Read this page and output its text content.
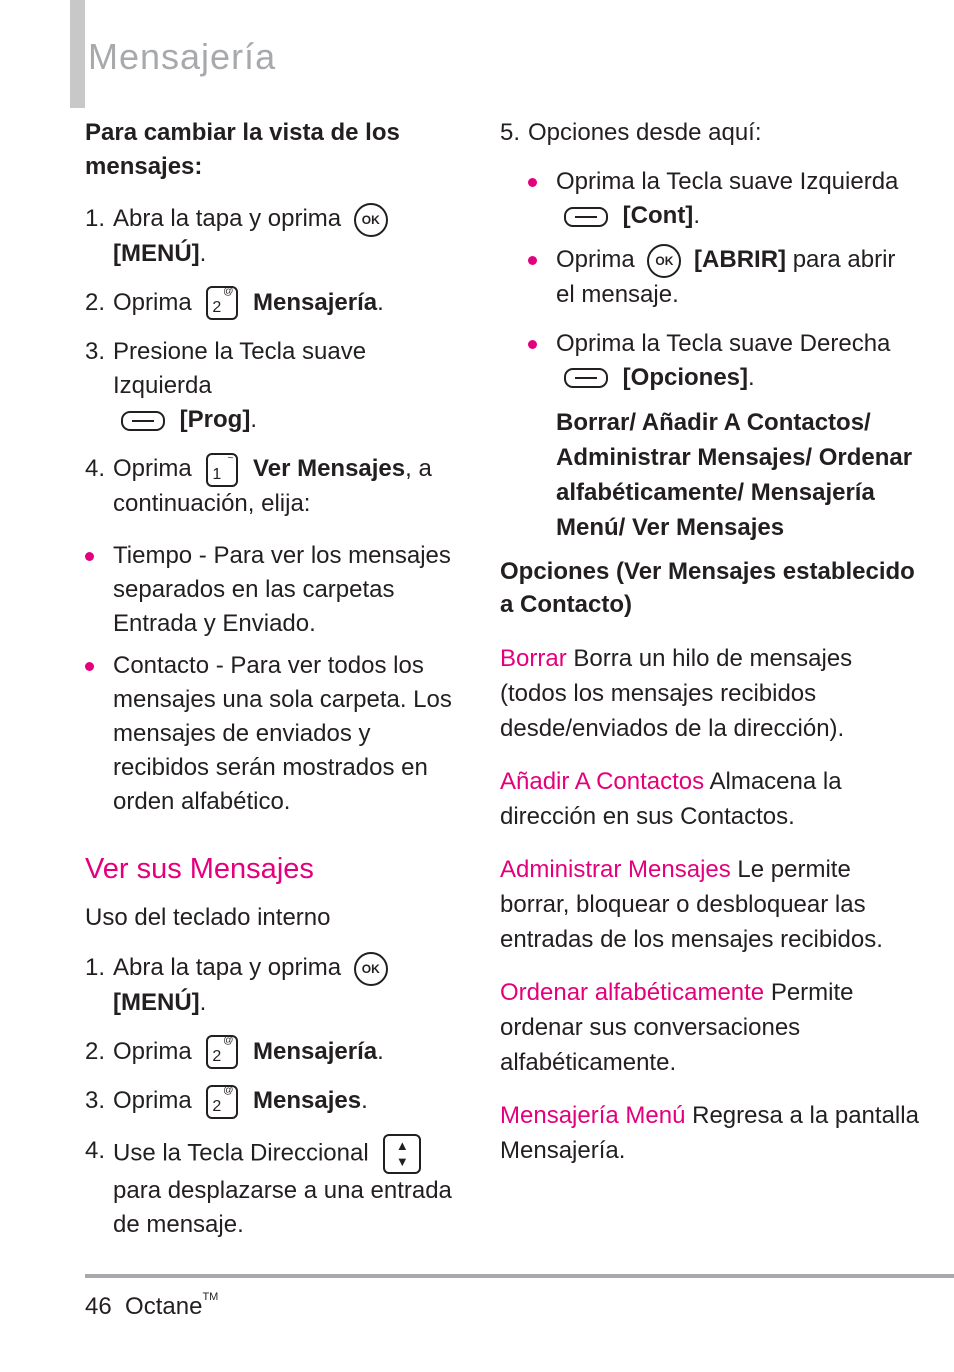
Mensajería

Para cambiar la vista de los mensajes:

1. Abra la tapa y oprima OK
[MENÚ].
2. Oprima	@
2 Mensajería.
3. Presione la Tecla suave Izquierda
[Prog].
4. Oprima	~
1 Ver Mensajes, a continuación, elija:
Tiempo - Para ver los mensajes separados en las carpetas Entrada y Enviado.
Contacto - Para ver todos los mensajes una sola carpeta. Los mensajes de enviados y recibidos serán mostrados en orden alfabético.
Ver sus Mensajes

Uso del teclado interno

1. Abra la tapa y oprima OK
[MENÚ].
2. Oprima	@
2 Mensajería.
3. Oprima	@
2 Mensajes.
4. Use la Tecla Direccional	▲
▼

para desplazarse a una entrada de mensaje.
5. Opciones desde aquí:
Oprima la Tecla suave Izquierda  [Cont].
Oprima OK [ABRIR] para abrir el mensaje.
Oprima la Tecla suave Derecha  [Opciones].

Borrar/ Añadir A Contactos/ Administrar Mensajes/ Ordenar alfabéticamente/ Mensajería Menú/ Ver Mensajes

Opciones (Ver Mensajes establecido a Contacto)

Borrar Borra un hilo de mensajes (todos los mensajes recibidos desde/enviados de la dirección).

Añadir A Contactos Almacena la dirección en sus Contactos.

Administrar Mensajes Le permite borrar, bloquear o desbloquear las entradas de los mensajes recibidos.

Ordenar alfabéticamente Permite ordenar sus conversaciones alfabéticamente.

Mensajería Menú Regresa a la pantalla Mensajería.

46 Octane™
